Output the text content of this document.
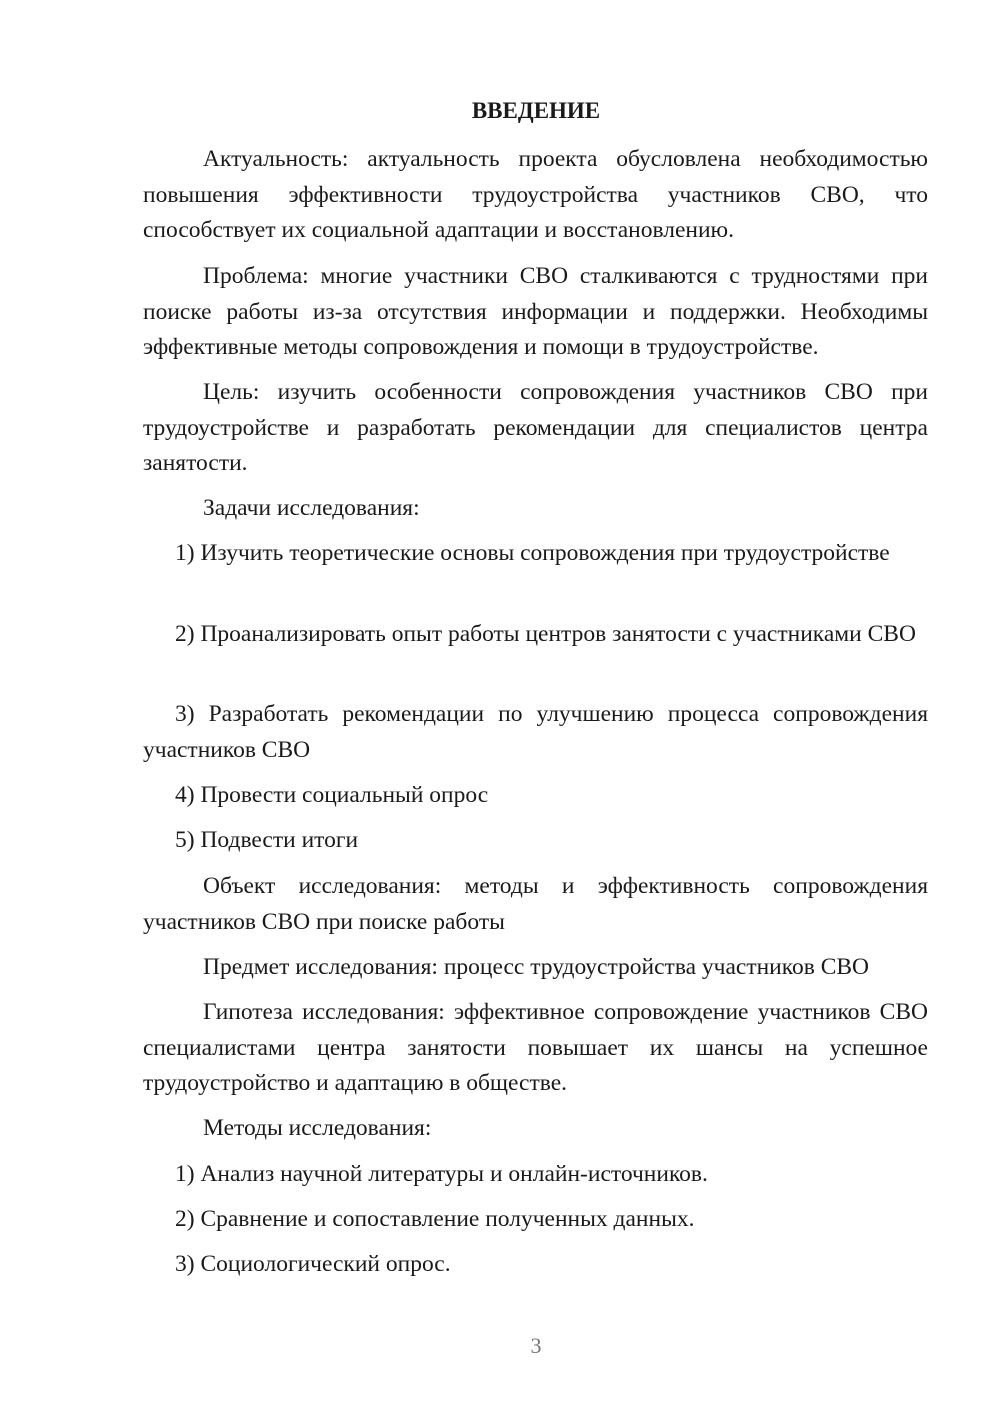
ВВЕДЕНИЕ

Актуальность: актуальность проекта обусловлена необходимостью повышения эффективности трудоустройства участников СВО, что способствует их социальной адаптации и восстановлению.

Проблема: многие участники СВО сталкиваются с трудностями при поиске работы из-за отсутствия информации и поддержки. Необходимы эффективные методы сопровождения и помощи в трудоустройстве.

Цель: изучить особенности сопровождения участников СВО при трудоустройстве и разработать рекомендации для специалистов центра занятости.

Задачи исследования:

1) Изучить теоретические основы сопровождения при трудоустройстве

2) Проанализировать опыт работы центров занятости с участниками СВО

3) Разработать рекомендации по улучшению процесса сопровождения участников СВО

4) Провести социальный опрос

5) Подвести итоги

Объект исследования: методы и эффективность сопровождения участников СВО при поиске работы

Предмет исследования: процесс трудоустройства участников СВО

Гипотеза исследования: эффективное сопровождение участников СВО специалистами центра занятости повышает их шансы на успешное трудоустройство и адаптацию в обществе.

Методы исследования:

1) Анализ научной литературы и онлайн-источников.

2) Сравнение и сопоставление полученных данных.

3) Социологический опрос.

3
